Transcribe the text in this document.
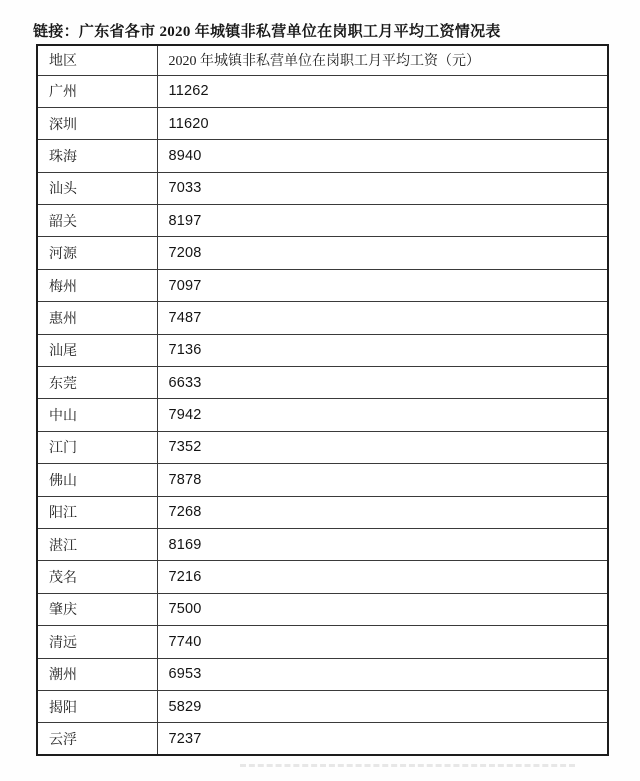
链接：广东省各市 2020 年城镇非私营单位在岗职工月平均工资情况表
地区	2020 年城镇非私营单位在岗职工月平均工资（元）
广州	11262
深圳	11620
珠海	8940
汕头	7033
韶关	8197
河源	7208
梅州	7097
惠州	7487
汕尾	7136
东莞	6633
中山	7942
江门	7352
佛山	7878
阳江	7268
湛江	8169
茂名	7216
肇庆	7500
清远	7740
潮州	6953
揭阳	5829
云浮	7237
